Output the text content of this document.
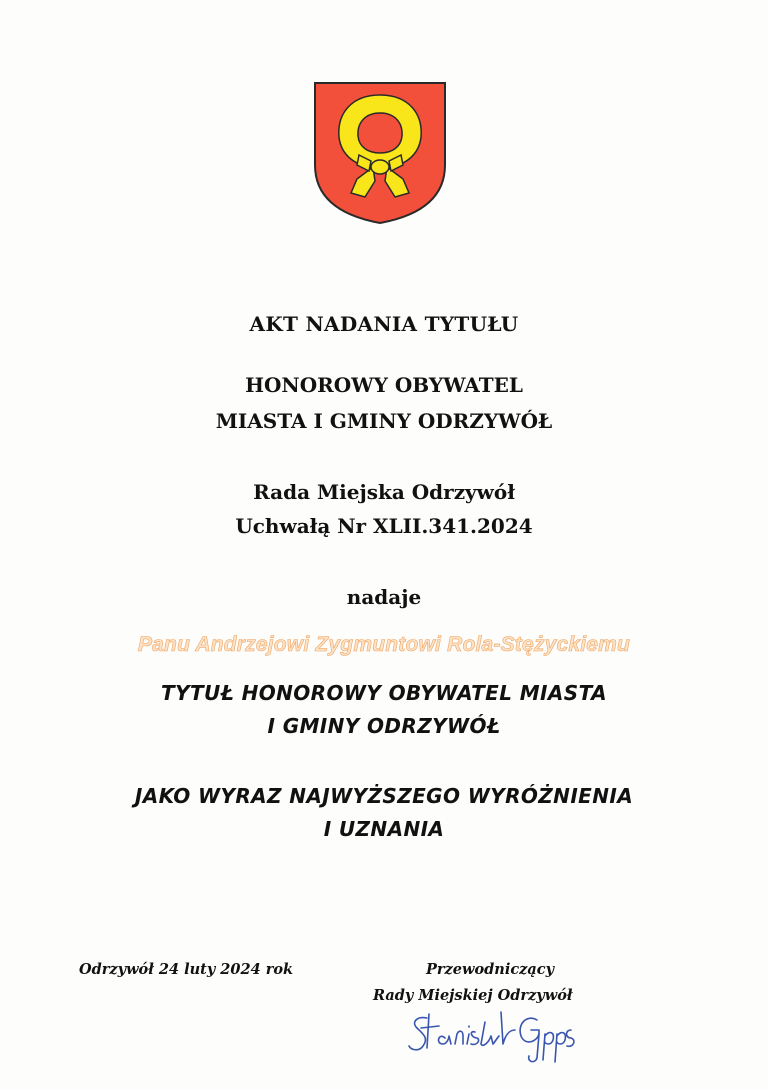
AKT NADANIA TYTUŁU
HONOROWY OBYWATEL
MIASTA I GMINY ODRZYWÓŁ
Rada Miejska Odrzywół
Uchwałą Nr XLII.341.2024
nadaje
Panu Andrzejowi Zygmuntowi Rola-Stężyckiemu
TYTUŁ HONOROWY OBYWATEL MIASTA
I GMINY ODRZYWÓŁ
JAKO WYRAZ NAJWYŻSZEGO WYRÓŻNIENIA
I UZNANIA
Odrzywół 24 luty 2024 rok	Przewodniczący
Rady Miejskiej Odrzywół
